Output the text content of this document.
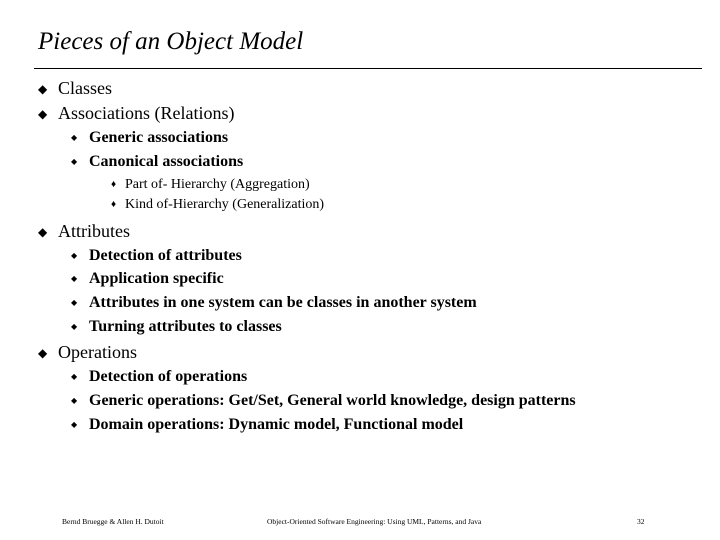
Pieces of an Object Model
◆ Classes
◆ Associations (Relations)
◆ Generic associations
◆ Canonical associations
♦ Part of- Hierarchy (Aggregation)
♦ Kind of-Hierarchy (Generalization)
◆ Attributes
◆ Detection of attributes
◆ Application specific
◆ Attributes in one system can be classes in another system
◆ Turning attributes to classes
◆ Operations
◆ Detection of operations
◆ Generic operations: Get/Set, General world knowledge, design patterns
◆ Domain operations: Dynamic model, Functional model
Bernd Bruegge & Allen H. Dutoit	Object-Oriented Software Engineering: Using UML, Patterns, and Java	32
